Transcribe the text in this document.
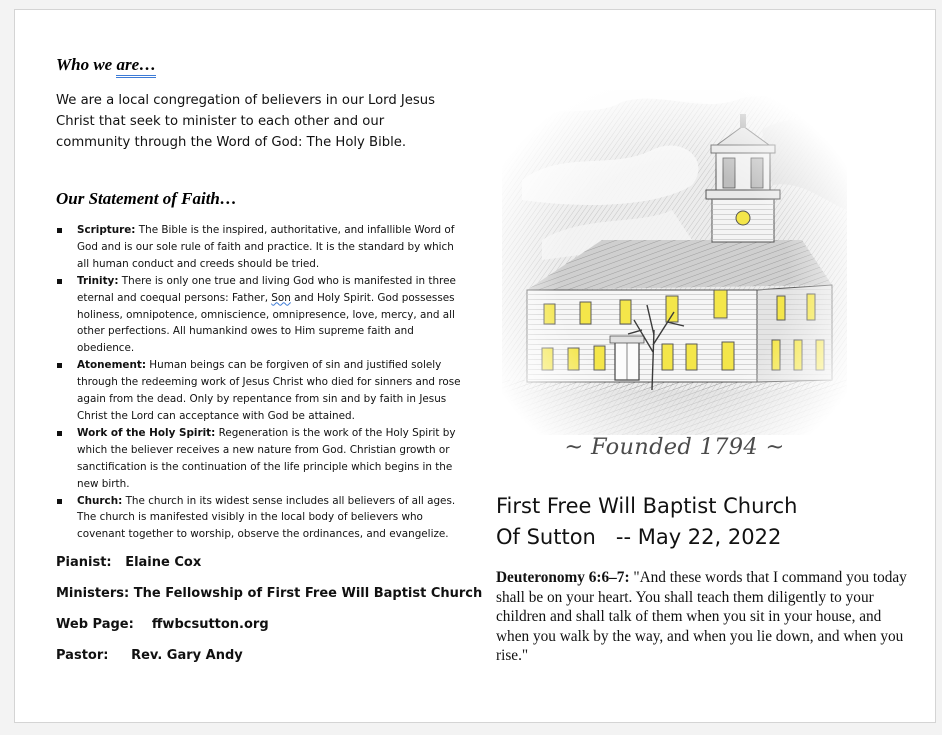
Who we are…
We are a local congregation of believers in our Lord Jesus Christ that seek to minister to each other and our community through the Word of God: The Holy Bible.
Our Statement of Faith…
Scripture: The Bible is the inspired, authoritative, and infallible Word of God and is our sole rule of faith and practice. It is the standard by which all human conduct and creeds should be tried.
Trinity: There is only one true and living God who is manifested in three eternal and coequal persons: Father, Son and Holy Spirit. God possesses holiness, omnipotence, omniscience, omnipresence, love, mercy, and all other perfections. All humankind owes to Him supreme faith and obedience.
Atonement: Human beings can be forgiven of sin and justified solely through the redeeming work of Jesus Christ who died for sinners and rose again from the dead. Only by repentance from sin and by faith in Jesus Christ the Lord can acceptance with God be attained.
Work of the Holy Spirit: Regeneration is the work of the Holy Spirit by which the believer receives a new nature from God. Christian growth or sanctification is the continuation of the life principle which begins in the new birth.
Church: The church in its widest sense includes all believers of all ages. The church is manifested visibly in the local body of believers who covenant together to worship, observe the ordinances, and evangelize.
Pianist:   Elaine Cox
Ministers: The Fellowship of First Free Will Baptist Church
Web Page:    ffwbcsutton.org
Pastor:     Rev. Gary Andy
~ Founded 1794 ~
First Free Will Baptist Church
Of Sutton   -- May 22, 2022
Deuteronomy 6:6–7: "And these words that I command you today shall be on your heart. You shall teach them diligently to your children and shall talk of them when you sit in your house, and when you walk by the way, and when you lie down, and when you rise."
